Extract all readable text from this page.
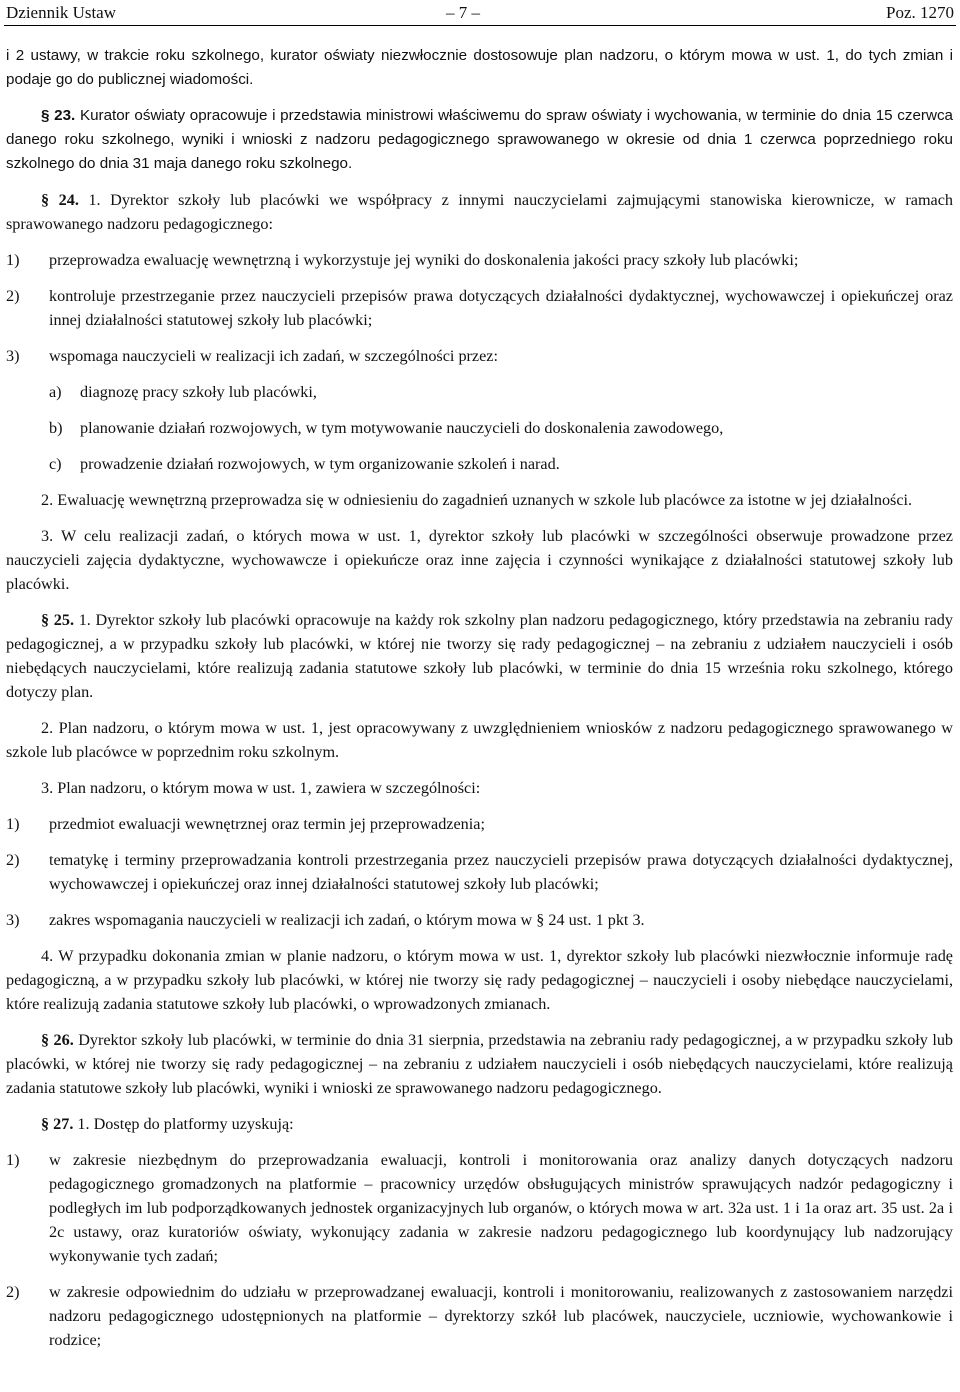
Dziennik Ustaw	– 7 –	Poz. 1270

i 2 ustawy, w trakcie roku szkolnego, kurator oświaty niezwłocznie dostosowuje plan nadzoru, o którym mowa w ust. 1, do tych zmian i podaje go do publicznej wiadomości.

§ 23. Kurator oświaty opracowuje i przedstawia ministrowi właściwemu do spraw oświaty i wychowania, w terminie do dnia 15 czerwca danego roku szkolnego, wyniki i wnioski z nadzoru pedagogicznego sprawowanego w okresie od dnia 1 czerwca poprzedniego roku szkolnego do dnia 31 maja danego roku szkolnego.

§ 24. 1. Dyrektor szkoły lub placówki we współpracy z innymi nauczycielami zajmującymi stanowiska kierownicze, w ramach sprawowanego nadzoru pedagogicznego:

1) przeprowadza ewaluację wewnętrzną i wykorzystuje jej wyniki do doskonalenia jakości pracy szkoły lub placówki;
2) kontroluje przestrzeganie przez nauczycieli przepisów prawa dotyczących działalności dydaktycznej, wychowawczej i opiekuńczej oraz innej działalności statutowej szkoły lub placówki;
3) wspomaga nauczycieli w realizacji ich zadań, w szczególności przez:
a) diagnozę pracy szkoły lub placówki,
b) planowanie działań rozwojowych, w tym motywowanie nauczycieli do doskonalenia zawodowego,
c) prowadzenie działań rozwojowych, w tym organizowanie szkoleń i narad.

2. Ewaluację wewnętrzną przeprowadza się w odniesieniu do zagadnień uznanych w szkole lub placówce za istotne w jej działalności.

3. W celu realizacji zadań, o których mowa w ust. 1, dyrektor szkoły lub placówki w szczególności obserwuje prowadzone przez nauczycieli zajęcia dydaktyczne, wychowawcze i opiekuńcze oraz inne zajęcia i czynności wynikające z działalności statutowej szkoły lub placówki.

§ 25. 1. Dyrektor szkoły lub placówki opracowuje na każdy rok szkolny plan nadzoru pedagogicznego, który przedstawia na zebraniu rady pedagogicznej, a w przypadku szkoły lub placówki, w której nie tworzy się rady pedagogicznej – na zebraniu z udziałem nauczycieli i osób niebędących nauczycielami, które realizują zadania statutowe szkoły lub placówki, w terminie do dnia 15 września roku szkolnego, którego dotyczy plan.

2. Plan nadzoru, o którym mowa w ust. 1, jest opracowywany z uwzględnieniem wniosków z nadzoru pedagogicznego sprawowanego w szkole lub placówce w poprzednim roku szkolnym.

3. Plan nadzoru, o którym mowa w ust. 1, zawiera w szczególności:

1) przedmiot ewaluacji wewnętrznej oraz termin jej przeprowadzenia;
2) tematykę i terminy przeprowadzania kontroli przestrzegania przez nauczycieli przepisów prawa dotyczących działalności dydaktycznej, wychowawczej i opiekuńczej oraz innej działalności statutowej szkoły lub placówki;
3) zakres wspomagania nauczycieli w realizacji ich zadań, o którym mowa w § 24 ust. 1 pkt 3.

4. W przypadku dokonania zmian w planie nadzoru, o którym mowa w ust. 1, dyrektor szkoły lub placówki niezwłocznie informuje radę pedagogiczną, a w przypadku szkoły lub placówki, w której nie tworzy się rady pedagogicznej – nauczycieli i osoby niebędące nauczycielami, które realizują zadania statutowe szkoły lub placówki, o wprowadzonych zmianach.

§ 26. Dyrektor szkoły lub placówki, w terminie do dnia 31 sierpnia, przedstawia na zebraniu rady pedagogicznej, a w przypadku szkoły lub placówki, w której nie tworzy się rady pedagogicznej – na zebraniu z udziałem nauczycieli i osób niebędących nauczycielami, które realizują zadania statutowe szkoły lub placówki, wyniki i wnioski ze sprawowanego nadzoru pedagogicznego.

§ 27. 1. Dostęp do platformy uzyskują:

1) w zakresie niezbędnym do przeprowadzania ewaluacji, kontroli i monitorowania oraz analizy danych dotyczących nadzoru pedagogicznego gromadzonych na platformie – pracownicy urzędów obsługujących ministrów sprawujących nadzór pedagogiczny i podległych im lub podporządkowanych jednostek organizacyjnych lub organów, o których mowa w art. 32a ust. 1 i 1a oraz art. 35 ust. 2a i 2c ustawy, oraz kuratoriów oświaty, wykonujący zadania w zakresie nadzoru pedagogicznego lub koordynujący lub nadzorujący wykonywanie tych zadań;
2) w zakresie odpowiednim do udziału w przeprowadzanej ewaluacji, kontroli i monitorowaniu, realizowanych z zastosowaniem narzędzi nadzoru pedagogicznego udostępnionych na platformie – dyrektorzy szkół lub placówek, nauczyciele, uczniowie, wychowankowie i rodzice;
